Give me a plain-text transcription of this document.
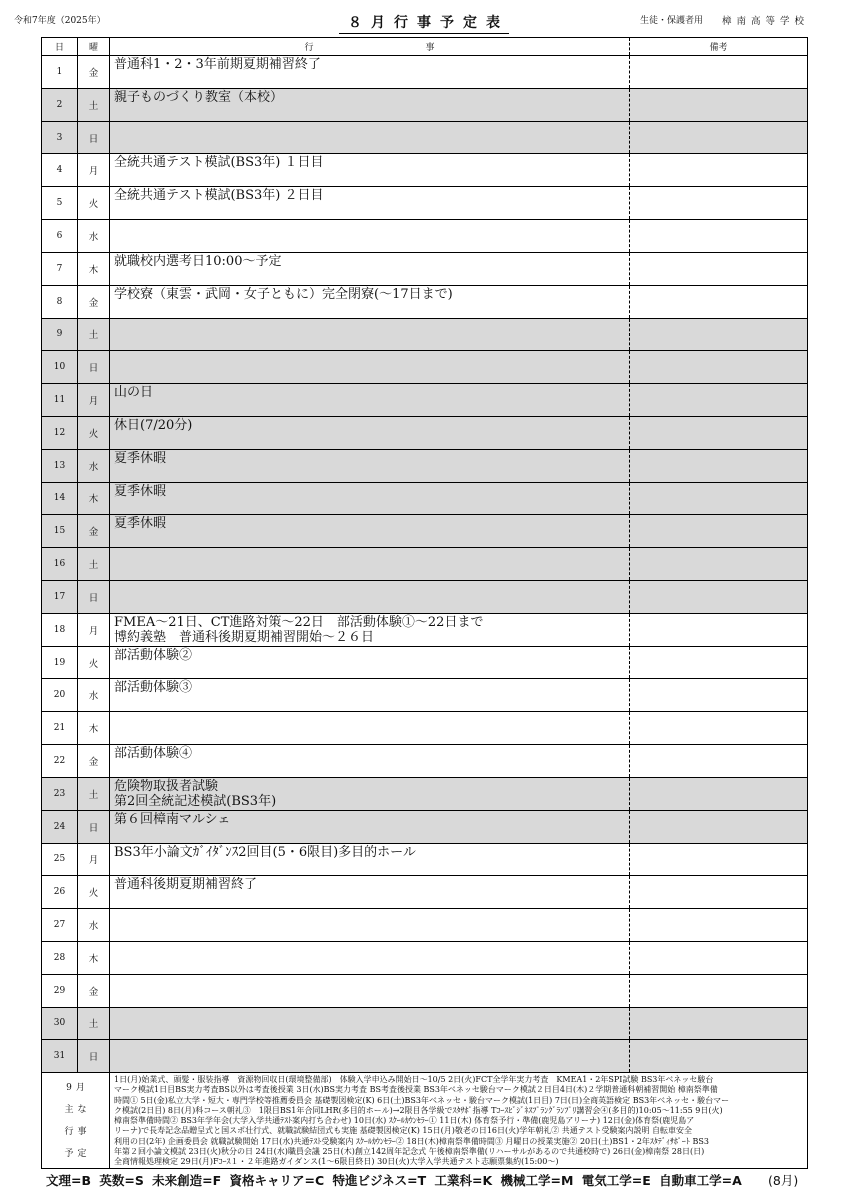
令和7年度（2025年）	８月行事予定表	生徒・保護者用 樟南高等学校
日	曜	行	事	備考
1	金
普通科1・2・3年前期夏期補習終了
2	土
親子ものづくり教室（本校）
3	日
4	月
全統共通テスト模試(BS3年) １日目
5	火
全統共通テスト模試(BS3年) ２日目
6	水
7	木
就職校内選考日10:00～予定
8	金
学校寮（東雲・武岡・女子ともに）完全閉寮(～17日まで)
9	土
10	日
11	月
山の日
12	火
休日(7/20分)
13	水
夏季休暇
14	木
夏季休暇
15	金
夏季休暇
16	土
17	日
18	月
FMEA～21日、CT進路対策～22日　部活動体験①～22日まで
博約義塾　普通科後期夏期補習開始～２６日
19	火
部活動体験②
20	水
部活動体験③
21	木
22	金
部活動体験④
23	土
危険物取扱者試験
第2回全統記述模試(BS3年)
24	日
第６回樟南マルシェ
25	月
BS3年小論文ｶﾞｲﾀﾞﾝｽ2回目(5・6限目)多目的ホール
26	火
普通科後期夏期補習終了
27	水
28	木
29	金
30	土
31	日
9月
主な
行事
予定
1日(月)始業式、頭髪・服装指導　資源物回収日(環境整備部)　体験入学申込み開始日～10/5 2日(火)FCT全学年実力考査　KMEA1・2年SPI試験 BS3年ベネッセ駿台
マーク模試1日目BS実力考査BS以外は考査後授業 3日(水)BS実力考査 BS考査後授業 BS3年ベネッセ駿台マーク模試２日目4日(木)２学期普通科朝補習開始 樟南祭準備
時間① 5日(金)私立大学・短大・専門学校等推薦委員会 基礎製図検定(K) 6日(土)BS3年ベネッセ・駿台マーク模試(1日目) 7日(日)全商英語検定 BS3年ベネッセ・駿台マー
ク模試(2日目) 8日(月)科コース朝礼③　1限目BS1年合同LHR(多目的ホール)→2限目各学級でｽﾀｻﾎﾟ指導 Tｺｰｽﾋﾞｼﾞﾈｽﾌﾟﾗﾝｸﾞﾗﾝﾌﾟﾘ講習会④(多目的)10:05～11:55 9日(火)
樟南祭準備時間② BS3年学年会(大学入学共通ﾃｽﾄ案内打ち合わせ) 10日(水) ｽｸｰﾙｶｳﾝｾﾗｰ① 11日(木) 体育祭予行・準備(鹿児島アリーナ) 12日(金)体育祭(鹿児島ア
リーナ)で長寿記念品贈呈式と国スポ壮行式、就職試験結団式も実施 基礎製図検定(K) 15日(月)敬老の日16日(火)学年朝礼② 共通テスト受験案内説明 自転車安全
利用の日(2年) 企画委員会 就職試験開始 17日(水)共通ﾃｽﾄ受験案内 ｽｸｰﾙｶｳﾝｾﾗｰ② 18日(木)樟南祭準備時間③ 月曜日の授業実施② 20日(土)BS1・2年ｽﾀﾃﾞｨｻﾎﾟｰﾄ BS3
年第２回小論文模試 23日(火)秋分の日 24日(水)職員会議 25日(木)創立142周年記念式 午後樟南祭準備(リハーサルがあるので共通校時で) 26日(金)樟南祭 28日(日)
全商情報処理検定 29日(月)Fｺｰｽ１・２年進路ガイダンス(1～6限目終日) 30日(火)大学入学共通テスト志願票集約(15:00～)
文理=B 英数=S 未来創造=F 資格キャリア=C 特進ビジネス=T 工業科=K 機械工学=M 電気工学=E 自動車工学=A	(8月)
